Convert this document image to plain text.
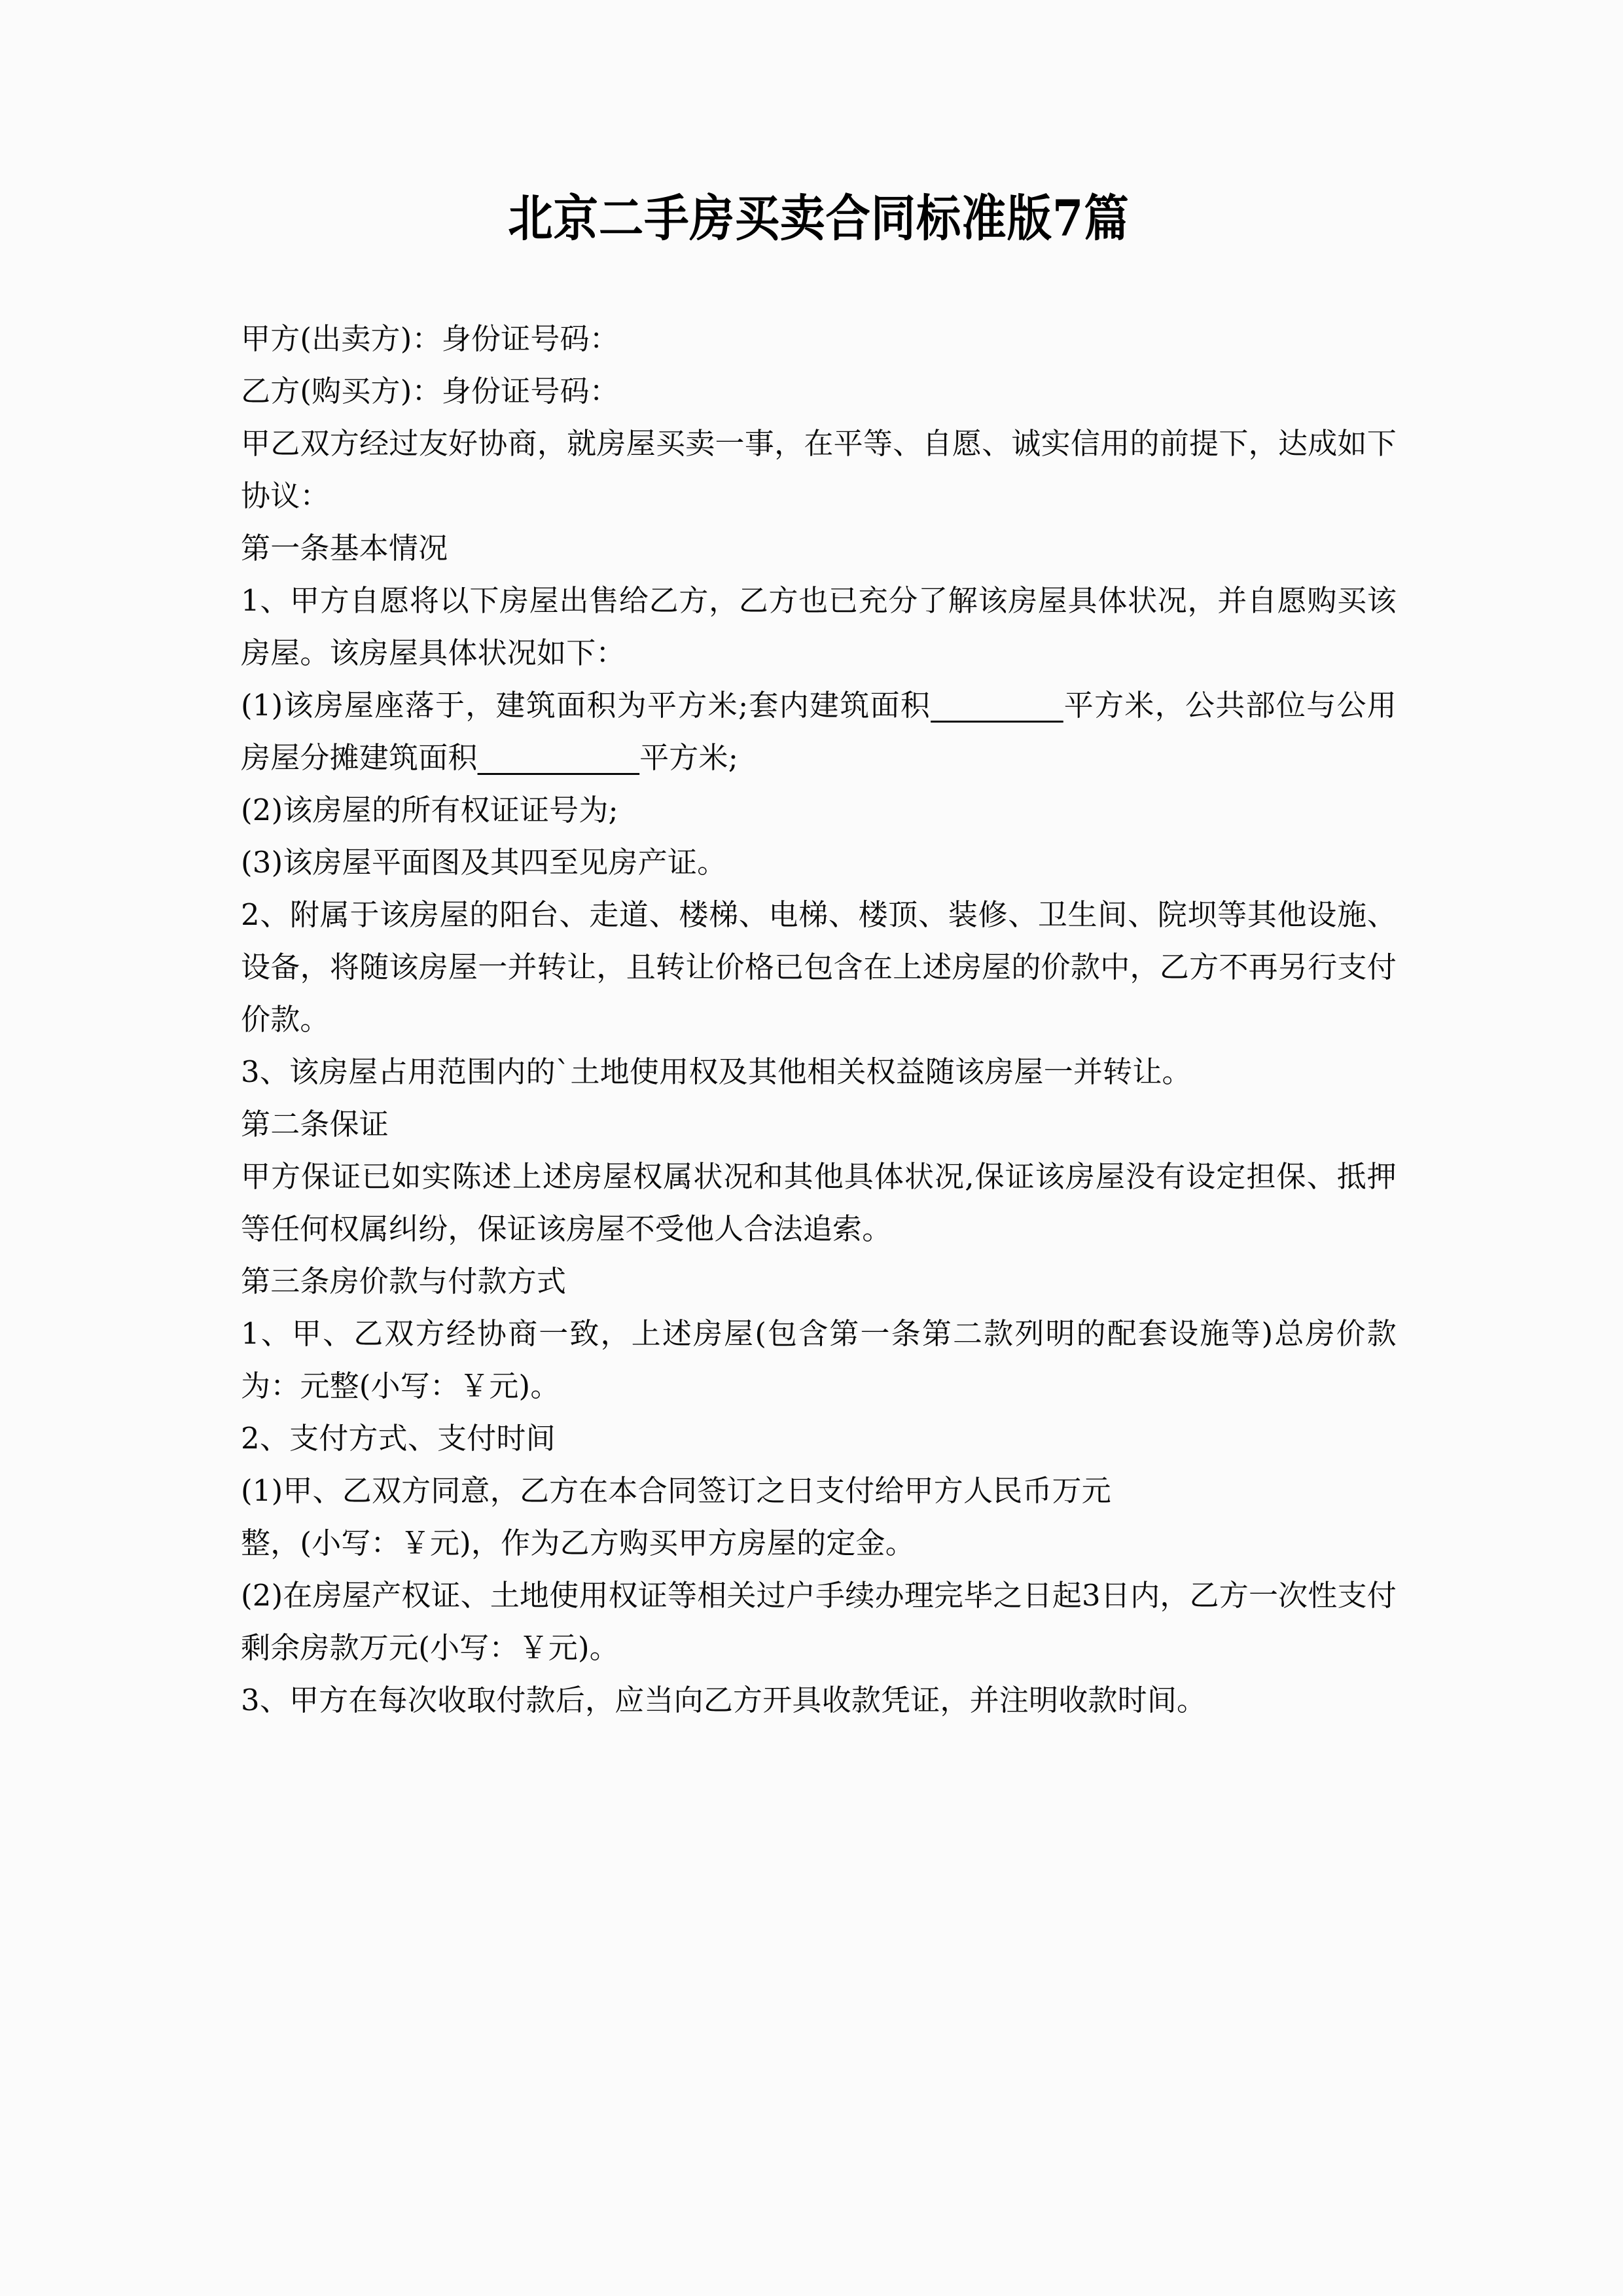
北京二手房买卖合同标准版7篇

甲方(出卖方)：身份证号码：

乙方(购买方)：身份证号码：

甲乙双方经过友好协商，就房屋买卖一事，在平等、自愿、诚实信用的前提下，达成如下协议：

第一条基本情况

1、甲方自愿将以下房屋出售给乙方，乙方也已充分了解该房屋具体状况，并自愿购买该房屋。该房屋具体状况如下：

(1)该房屋座落于，建筑面积为平方米;套内建筑面积_________平方米，公共部位与公用房屋分摊建筑面积___________平方米;

(2)该房屋的所有权证证号为;

(3)该房屋平面图及其四至见房产证。

2、附属于该房屋的阳台、走道、楼梯、电梯、楼顶、装修、卫生间、院坝等其他设施、设备，将随该房屋一并转让，且转让价格已包含在上述房屋的价款中，乙方不再另行支付价款。

3、该房屋占用范围内的`土地使用权及其他相关权益随该房屋一并转让。

第二条保证

甲方保证已如实陈述上述房屋权属状况和其他具体状况,保证该房屋没有设定担保、抵押等任何权属纠纷，保证该房屋不受他人合法追索。

第三条房价款与付款方式

1、甲、乙双方经协商一致，上述房屋(包含第一条第二款列明的配套设施等)总房价款为：元整(小写：￥元)。

2、支付方式、支付时间

(1)甲、乙双方同意，乙方在本合同签订之日支付给甲方人民币万元

整，(小写：￥元)，作为乙方购买甲方房屋的定金。

(2)在房屋产权证、土地使用权证等相关过户手续办理完毕之日起3日内，乙方一次性支付剩余房款万元(小写：￥元)。

3、甲方在每次收取付款后，应当向乙方开具收款凭证，并注明收款时间。
